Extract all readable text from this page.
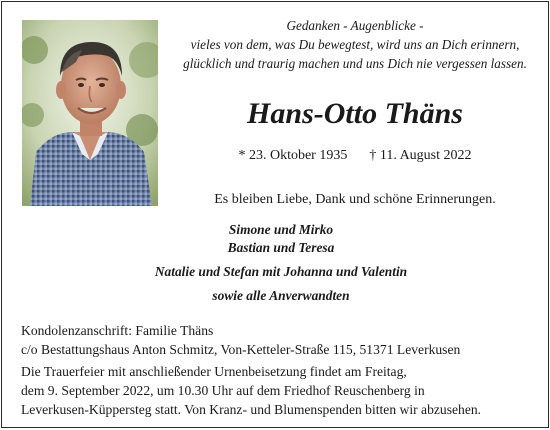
Gedanken - Augenblicke -
vieles von dem, was Du bewegtest, wird uns an Dich erinnern,
glücklich und traurig machen und uns Dich nie vergessen lassen.
Hans-Otto Thäns
* 23. Oktober 1935 † 11. August 2022
Es bleiben Liebe, Dank und schöne Erinnerungen.
Simone und Mirko
Bastian und Teresa
Natalie und Stefan mit Johanna und Valentin
sowie alle Anverwandten
Kondolenzanschrift: Familie Thäns
c/o Bestattungshaus Anton Schmitz, Von-Ketteler-Straße 115, 51371 Leverkusen
Die Trauerfeier mit anschließender Urnenbeisetzung findet am Freitag,
dem 9. September 2022, um 10.30 Uhr auf dem Friedhof Reuschenberg in
Leverkusen-Küppersteg statt. Von Kranz- und Blumenspenden bitten wir abzusehen.
